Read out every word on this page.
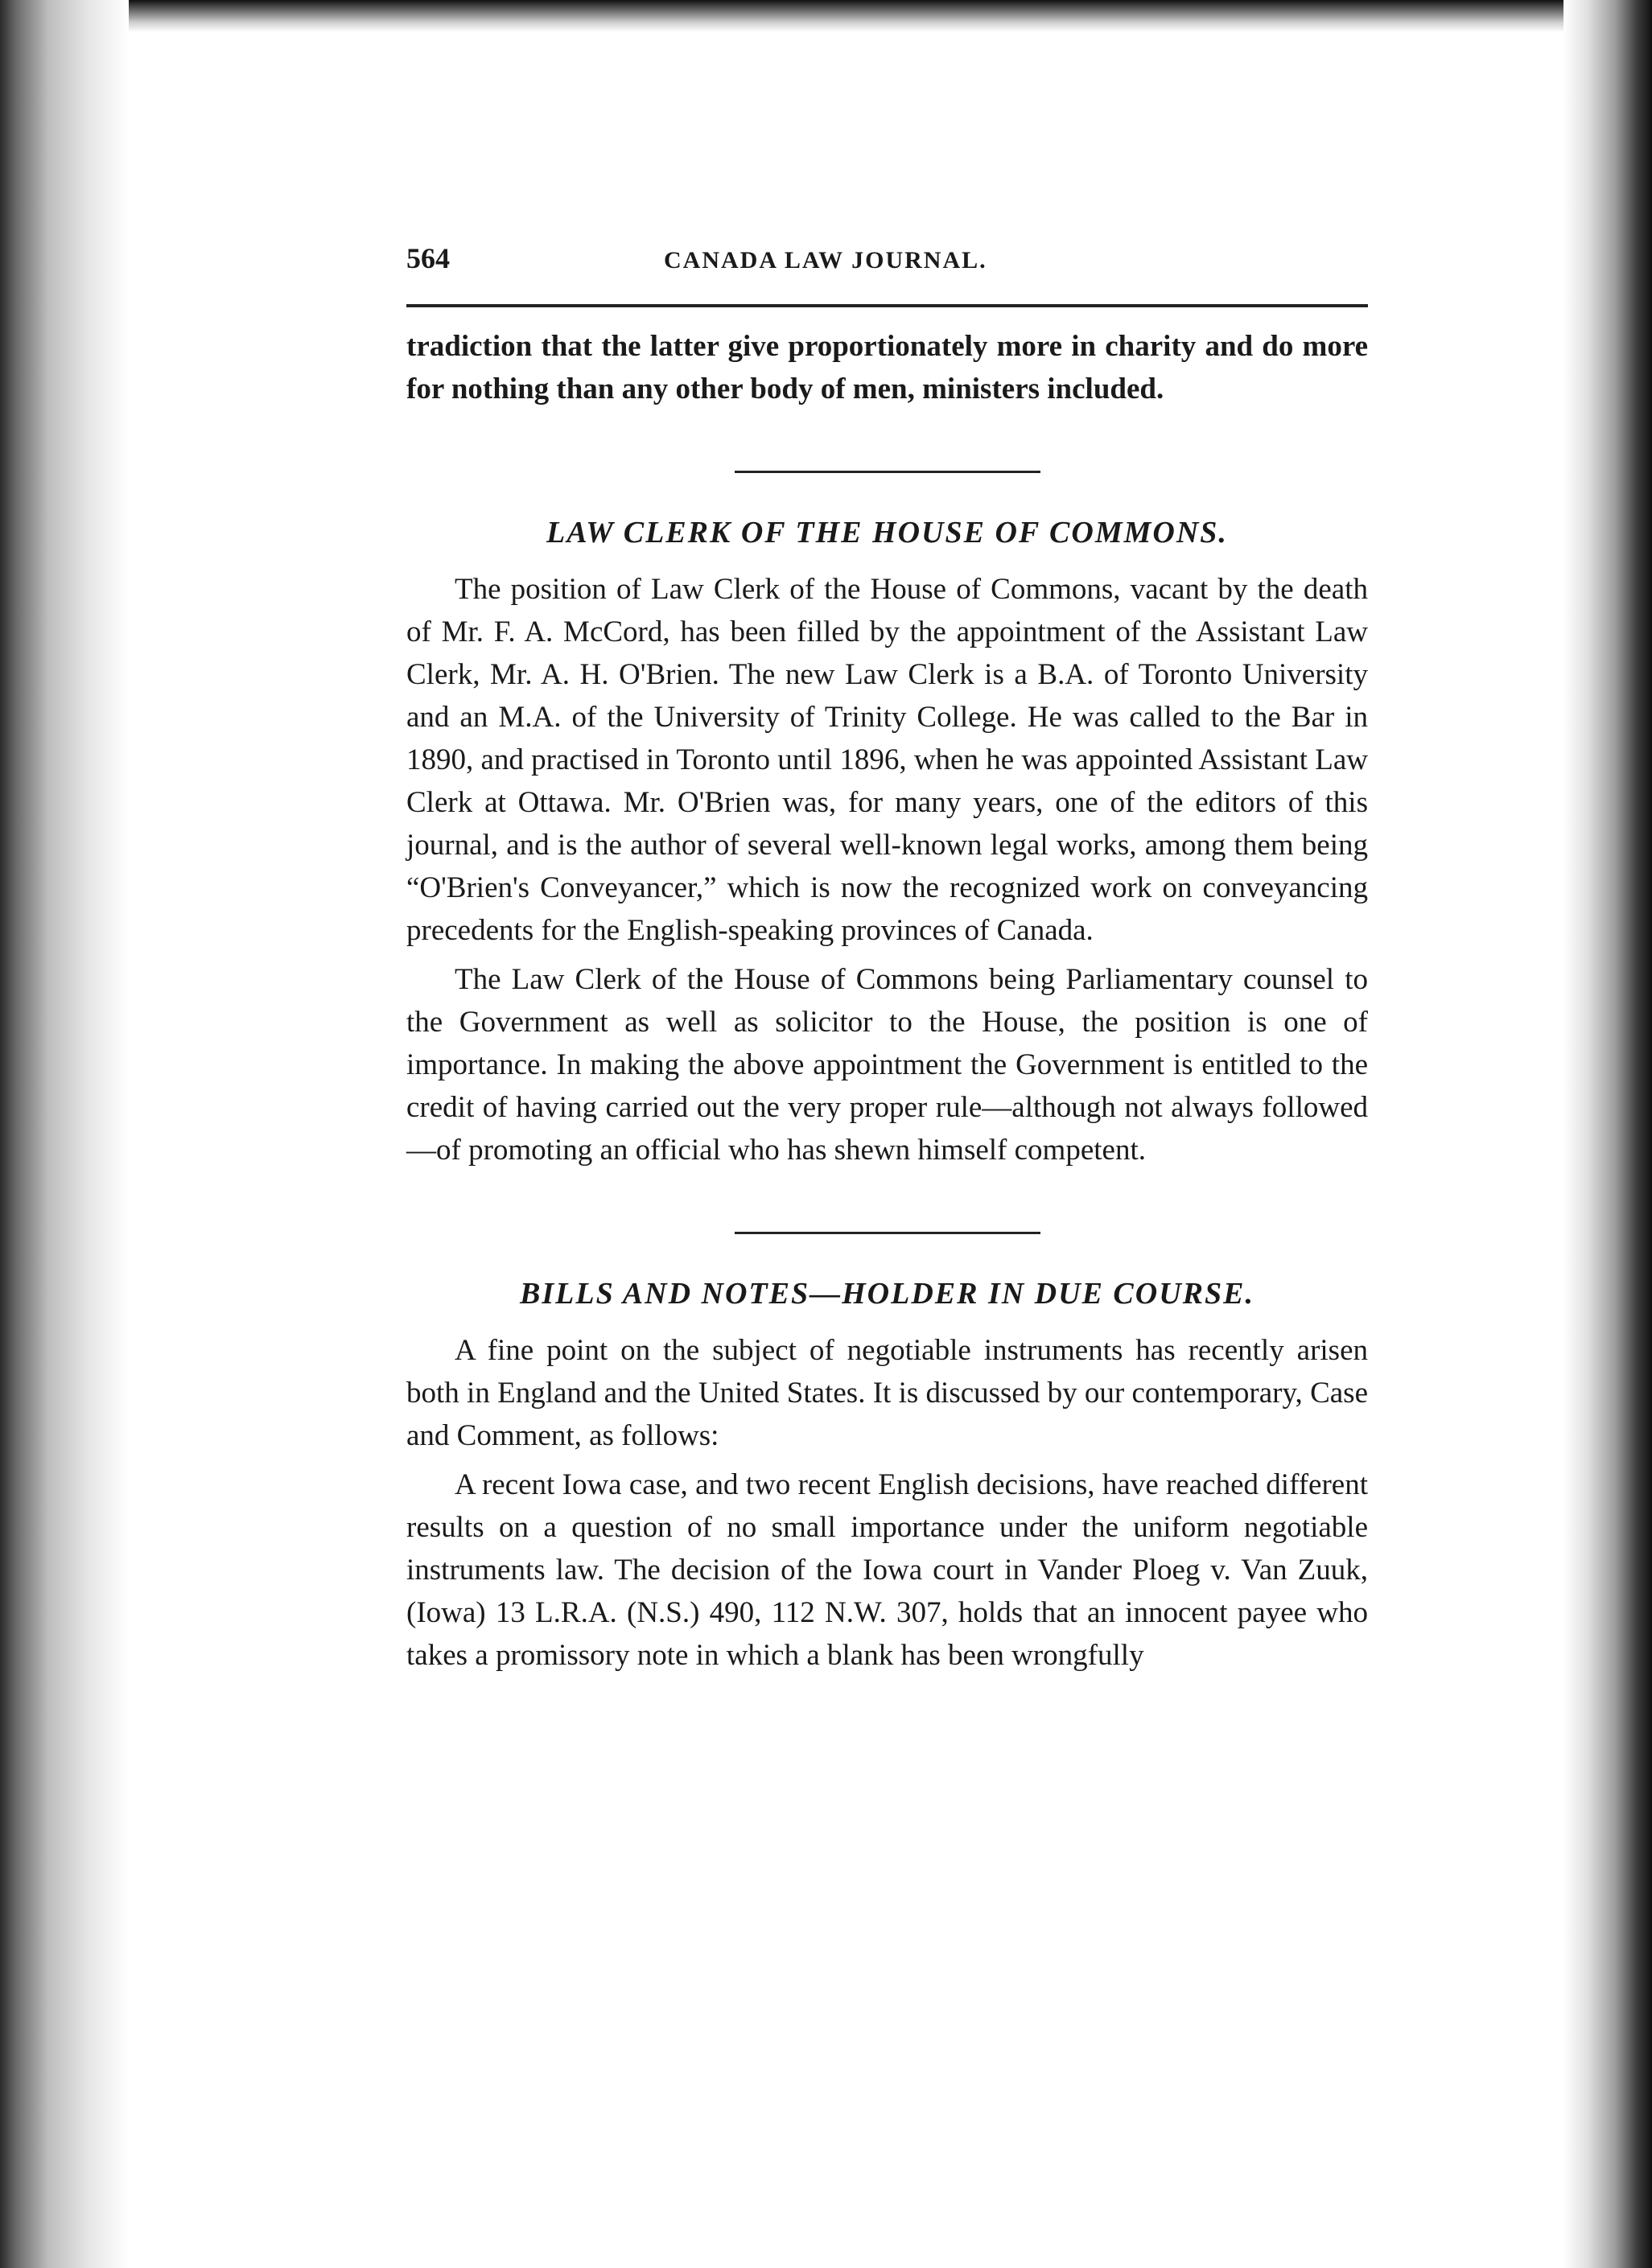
564	CANADA LAW JOURNAL.

tradiction that the latter give proportionately more in charity and do more for nothing than any other body of men, ministers included.

LAW CLERK OF THE HOUSE OF COMMONS.

The position of Law Clerk of the House of Commons, vacant by the death of Mr. F. A. McCord, has been filled by the appointment of the Assistant Law Clerk, Mr. A. H. O'Brien. The new Law Clerk is a B.A. of Toronto University and an M.A. of the University of Trinity College. He was called to the Bar in 1890, and practised in Toronto until 1896, when he was appointed Assistant Law Clerk at Ottawa. Mr. O'Brien was, for many years, one of the editors of this journal, and is the author of several well-known legal works, among them being “O'Brien's Conveyancer,” which is now the recognized work on conveyancing precedents for the English-speaking provinces of Canada.

The Law Clerk of the House of Commons being Parliamentary counsel to the Government as well as solicitor to the House, the position is one of importance. In making the above appointment the Government is entitled to the credit of having carried out the very proper rule—although not always followed—of promoting an official who has shewn himself competent.

BILLS AND NOTES—HOLDER IN DUE COURSE.

A fine point on the subject of negotiable instruments has recently arisen both in England and the United States. It is discussed by our contemporary, Case and Comment, as follows:

A recent Iowa case, and two recent English decisions, have reached different results on a question of no small importance under the uniform negotiable instruments law. The decision of the Iowa court in Vander Ploeg v. Van Zuuk, (Iowa) 13 L.R.A. (N.S.) 490, 112 N.W. 307, holds that an innocent payee who takes a promissory note in which a blank has been wrongfully
